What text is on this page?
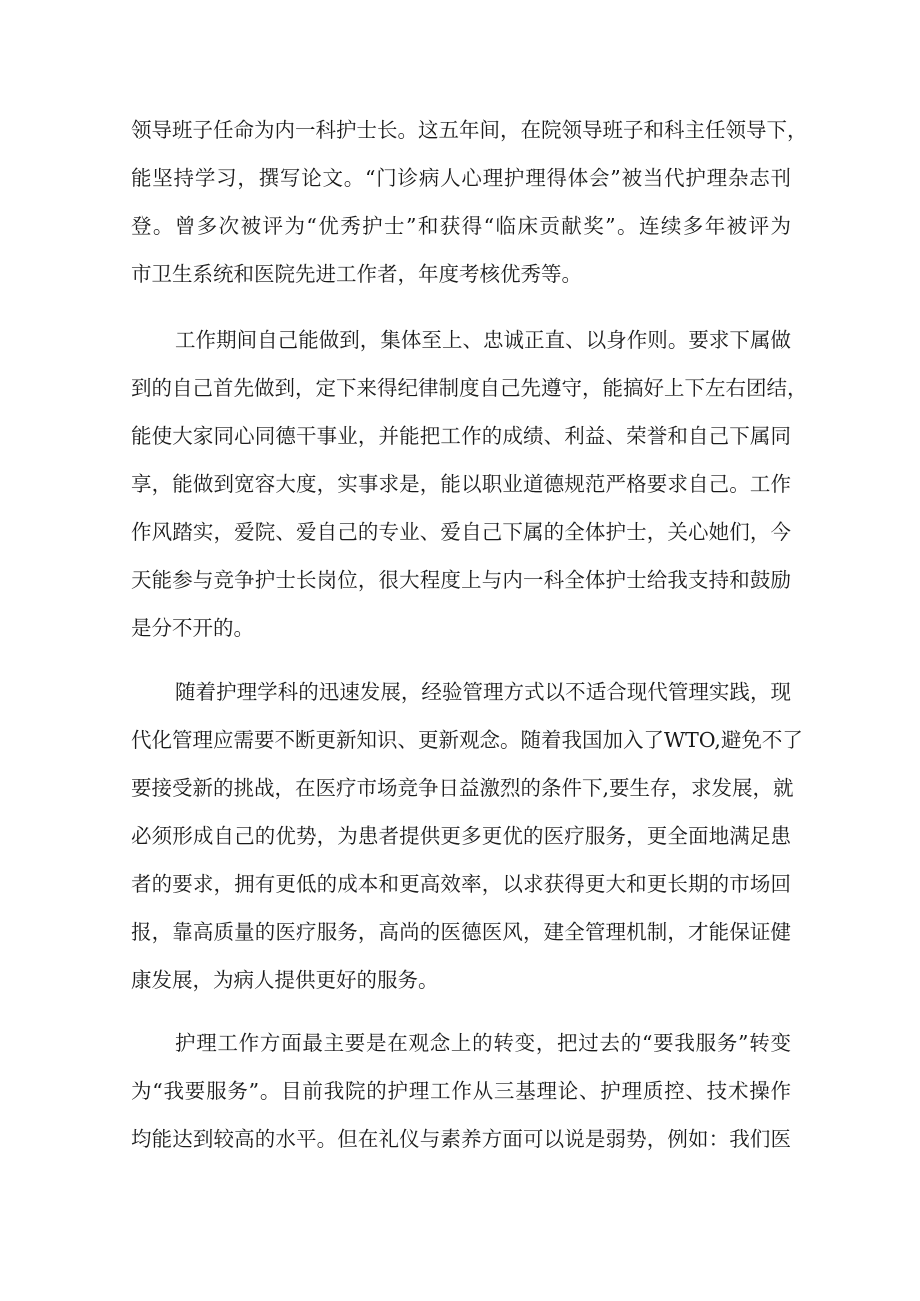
领导班子任命为内一科护士长。这五年间，在院领导班子和科主任领导下，
能坚持学习，撰写论文。“门诊病人心理护理得体会”被当代护理杂志刊
登。曾多次被评为“优秀护士”和获得“临床贡献奖”。连续多年被评为
市卫生系统和医院先进工作者，年度考核优秀等。
工作期间自己能做到，集体至上、忠诚正直、以身作则。要求下属做
到的自己首先做到，定下来得纪律制度自己先遵守，能搞好上下左右团结，
能使大家同心同德干事业，并能把工作的成绩、利益、荣誉和自己下属同
享，能做到宽容大度，实事求是，能以职业道德规范严格要求自己。工作
作风踏实，爱院、爱自己的专业、爱自己下属的全体护士，关心她们，今
天能参与竞争护士长岗位，很大程度上与内一科全体护士给我支持和鼓励
是分不开的。
随着护理学科的迅速发展，经验管理方式以不适合现代管理实践，现
代化管理应需要不断更新知识、更新观念。随着我国加入了WTO,避免不了
要接受新的挑战，在医疗市场竞争日益激烈的条件下,要生存，求发展，就
必须形成自己的优势，为患者提供更多更优的医疗服务，更全面地满足患
者的要求，拥有更低的成本和更高效率，以求获得更大和更长期的市场回
报，靠高质量的医疗服务，高尚的医德医风，建全管理机制，才能保证健
康发展，为病人提供更好的服务。
护理工作方面最主要是在观念上的转变，把过去的“要我服务”转变
为“我要服务”。目前我院的护理工作从三基理论、护理质控、技术操作
均能达到较高的水平。但在礼仪与素养方面可以说是弱势，例如：我们医
